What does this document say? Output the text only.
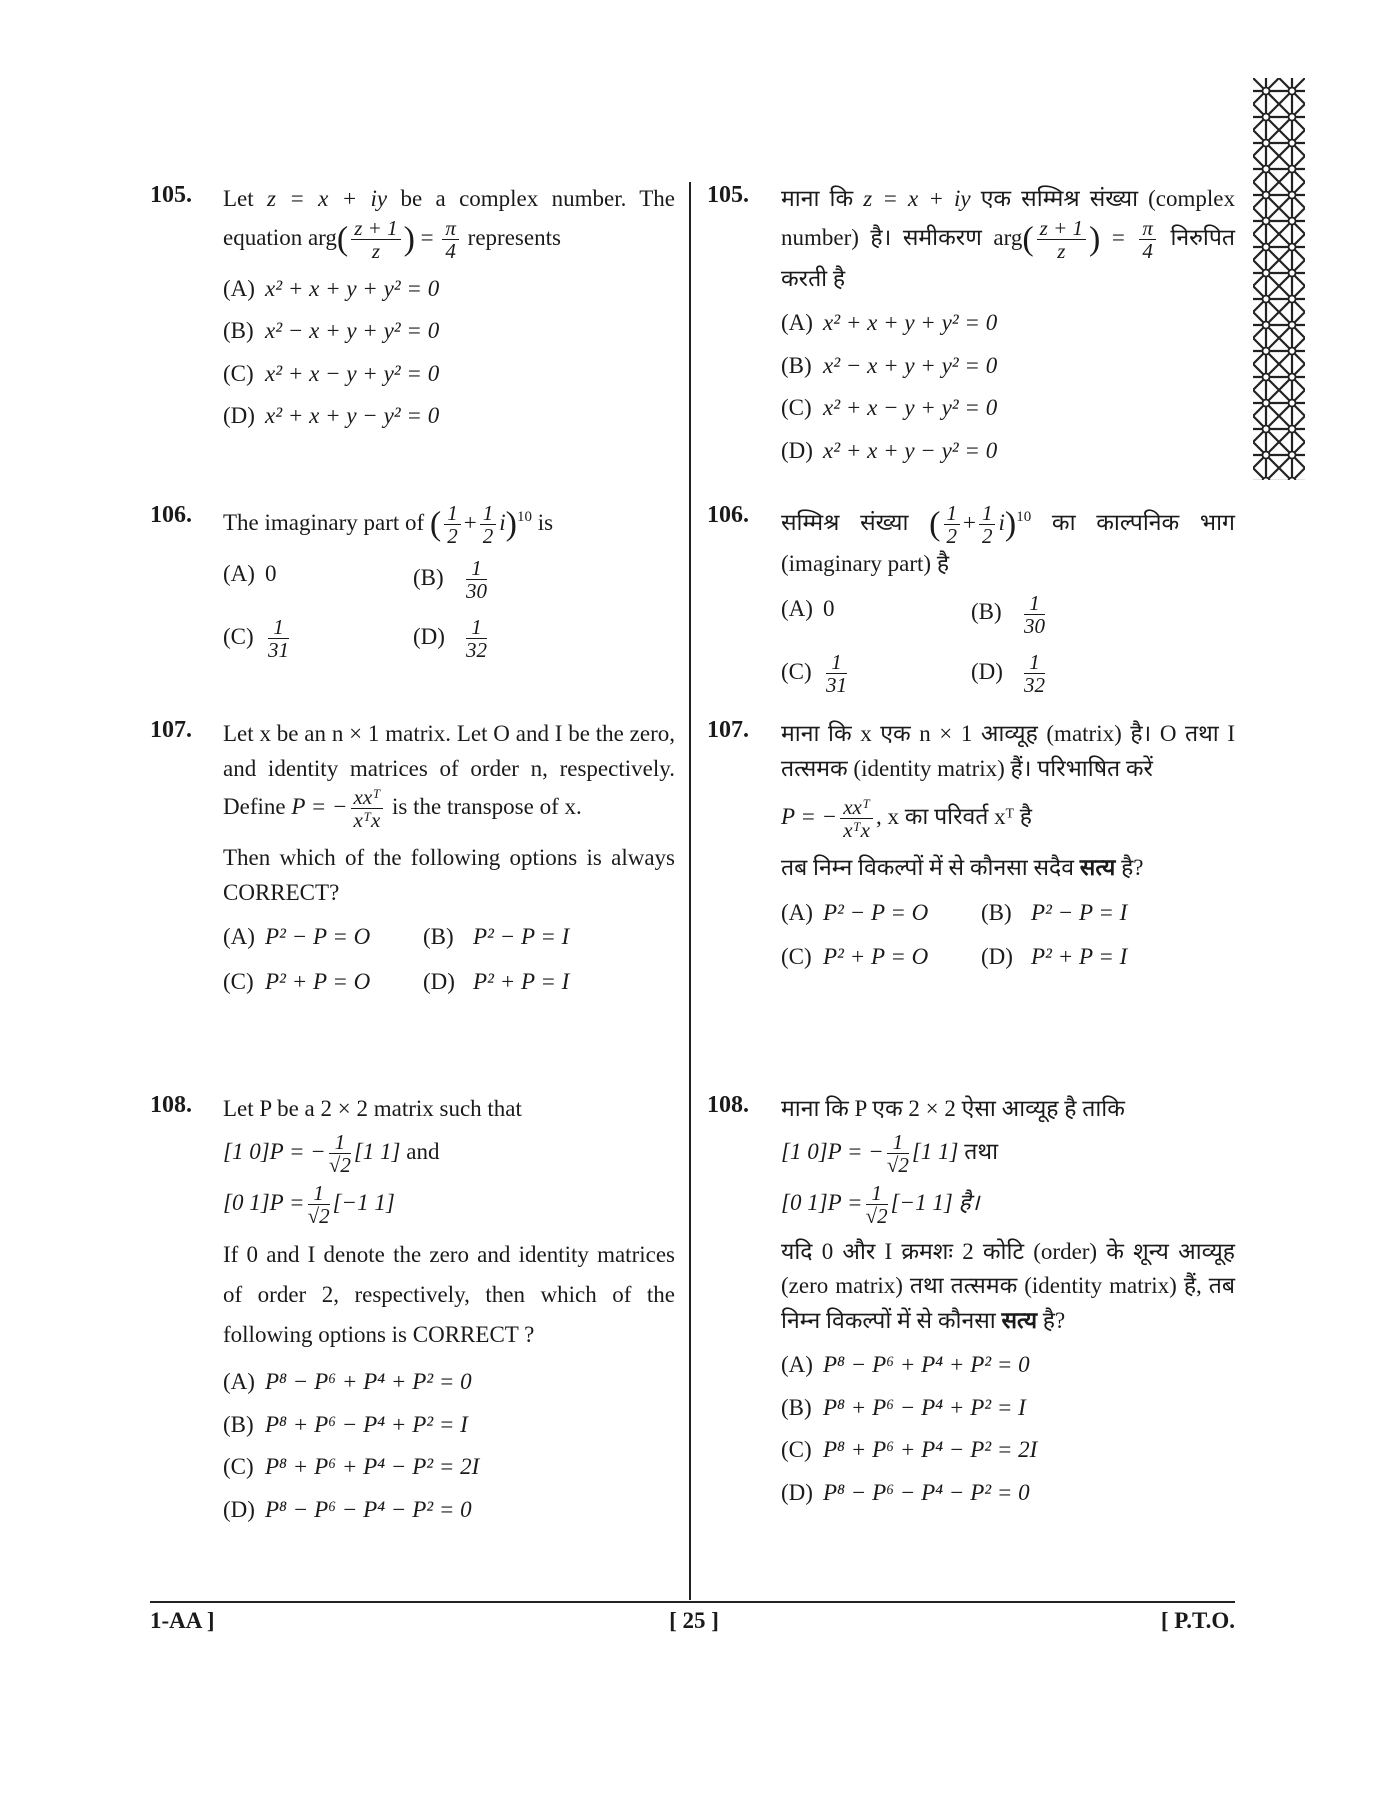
105. Let z = x + iy be a complex number. The equation $arg( \frac{z + 1}{z}$ ) = $\frac{\pi}{4}$ represents
(A) x² + x + y + y² = 0
(B) x² − x + y + y² = 0
(C) x² + x − y + y² = 0
(D) x² + x + y − y² = 0
106. The imaginary part of ( $\frac{1}{2} + \frac{1}{2} i)^{10}$ is
(A) 0	$(B) \frac{1}{30}$
$(C) \frac{1}{31}$	$(D) \frac{1}{32}$
107. Let x be an n × 1 matrix. Let O and I be the zero, and identity matrices of order n, respectively. Define P = − $\frac{\text{xxᵀ}}{\text{xᵀx}}$ is the transpose of x.
Then which of the following options is always CORRECT?
(A) P² − P = O	(B) P² − P = I
(C) P² + P = O	(D) P² + P = I
108. Let P be a 2 × 2 matrix such that
[1 0]P = − $\frac{1}{√2} [1$ 1] and
[0 $1]P = \frac{1}{√2} [-1$ 1]
If 0 and I denote the zero and identity matrices of order 2, respectively, then which of the following options is CORRECT ?
(A) P⁸ − P⁶ + P⁴ + P² = 0
(B) P⁸ + P⁶ − P⁴ + P² = I
(C) P⁸ + P⁶ + P⁴ − P² = 2I
(D) P⁸ − P⁶ − P⁴ − P² = 0
105. माना कि z = x + iy एक सम्मिश्र संख्या (complex number) है। समीकरण $arg( \frac{z + 1}{z}$ ) = $\frac{\pi}{4}$ निरुपित करती है
(A) x² + x + y + y² = 0
(B) x² − x + y + y² = 0
(C) x² + x − y + y² = 0
(D) x² + x + y − y² = 0
106. सम्मिश्र संख्या ( $\frac{1}{2} + \frac{1}{2} i)^{10}$ का काल्पनिक भाग (imaginary part) है
(A) 0	$(B) \frac{1}{30}$
$(C) \frac{1}{31}$	$(D) \frac{1}{32}$
107. माना कि x एक n × 1 आव्यूह (matrix) है। O तथा I तत्समक (identity matrix) हैं। परिभाषित करें
P = − $\frac{\text{xxᵀ}}{\text{xᵀx}}$ , x का परिवर्त xᵀ है
तब निम्न विकल्पों में से कौनसा सदैव सत्य है?
(A) P² − P = O	(B) P² − P = I
(C) P² + P = O	(D) P² + P = I
108. माना कि P एक 2 × 2 ऐसा आव्यूह है ताकि
[1 0]P = − $\frac{1}{√2} [1$ 1] तथा
[0 $1]P = \frac{1}{√2} [-1$ 1] है।
यदि 0 और I क्रमशः 2 कोटि (order) के शून्य आव्यूह (zero matrix) तथा तत्समक (identity matrix) हैं, तब निम्न विकल्पों में से कौनसा सत्य है?
(A) P⁸ − P⁶ + P⁴ + P² = 0
(B) P⁸ + P⁶ − P⁴ + P² = I
(C) P⁸ + P⁶ + P⁴ − P² = 2I
(D) P⁸ − P⁶ − P⁴ − P² = 0
1-AA ]	[ 25 ]	[ P.T.O.
